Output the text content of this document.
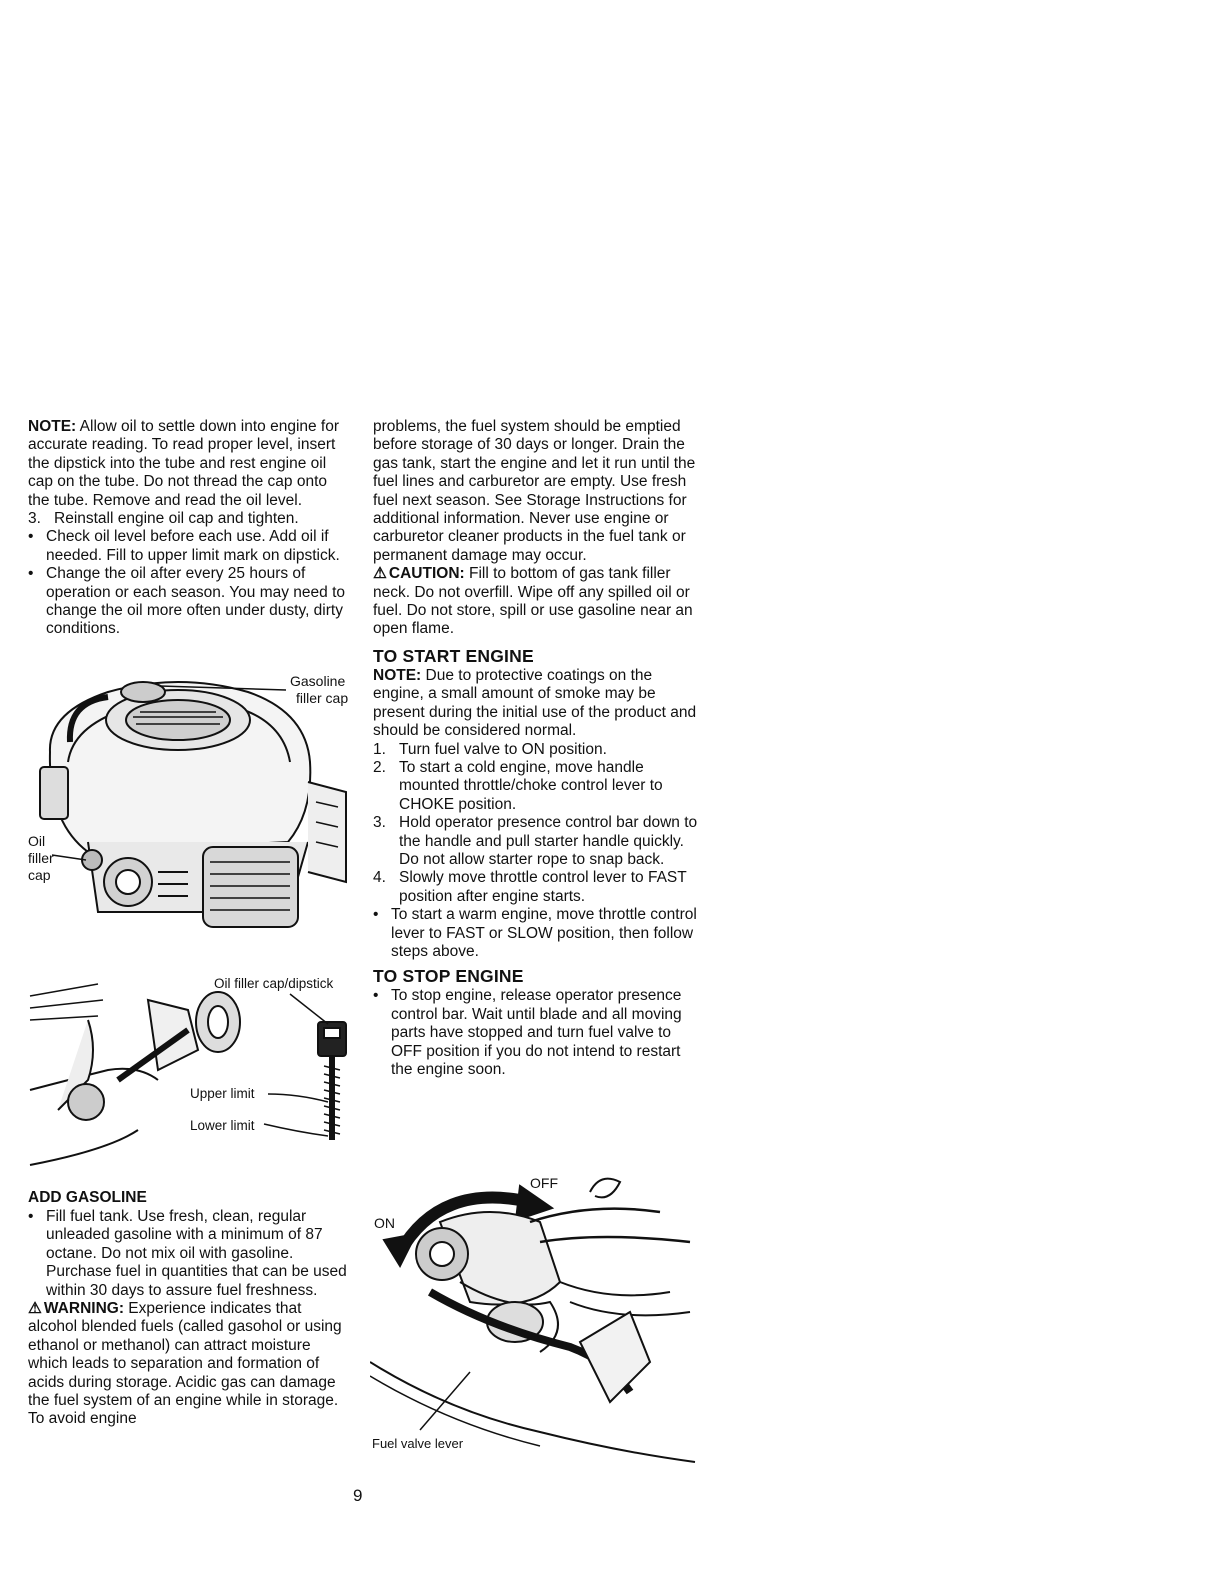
NOTE: Allow oil to settle down into engine for accurate reading. To read proper level, insert the dipstick into the tube and rest engine oil cap on the tube. Do not thread the cap onto the tube. Remove and read the oil level.

3. Reinstall engine oil cap and tighten.

• Check oil level before each use. Add oil if needed. Fill to upper limit mark on dipstick.

• Change the oil after every 25 hours of operation or each season. You may need to change the oil more often under dusty, dirty conditions.

ADD GASOLINE

• Fill fuel tank. Use fresh, clean, regular unleaded gasoline with a minimum of 87 octane. Do not mix oil with gasoline. Purchase fuel in quantities that can be used within 30 days to assure fuel freshness.

⚠ WARNING: Experience indicates that alcohol blended fuels (called gasohol or using ethanol or methanol) can attract moisture which leads to separation and formation of acids during storage. Acidic gas can damage the fuel system of an engine while in storage. To avoid engine

problems, the fuel system should be emptied before storage of 30 days or longer. Drain the gas tank, start the engine and let it run until the fuel lines and carburetor are empty. Use fresh fuel next season. See Storage Instructions for additional information. Never use engine or carburetor cleaner products in the fuel tank or permanent damage may occur.

⚠ CAUTION: Fill to bottom of gas tank filler neck. Do not overfill. Wipe off any spilled oil or fuel. Do not store, spill or use gasoline near an open flame.

TO START ENGINE

NOTE: Due to protective coatings on the engine, a small amount of smoke may be present during the initial use of the product and should be considered normal.

1. Turn fuel valve to ON position.

2. To start a cold engine, move handle mounted throttle/choke control lever to CHOKE position.

3. Hold operator presence control bar down to the handle and pull starter handle quickly. Do not allow starter rope to snap back.

4. Slowly move throttle control lever to FAST position after engine starts.

• To start a warm engine, move throttle control lever to FAST or SLOW position, then follow steps above.

TO STOP ENGINE

• To stop engine, release operator presence control bar. Wait until blade and all moving parts have stopped and turn fuel valve to OFF position if you do not intend to restart the engine soon.

Gasoline
filler cap
Oil
filler
cap
Oil filler cap/dipstick
Upper limit
Lower limit
OFF
ON
Fuel valve lever
9
